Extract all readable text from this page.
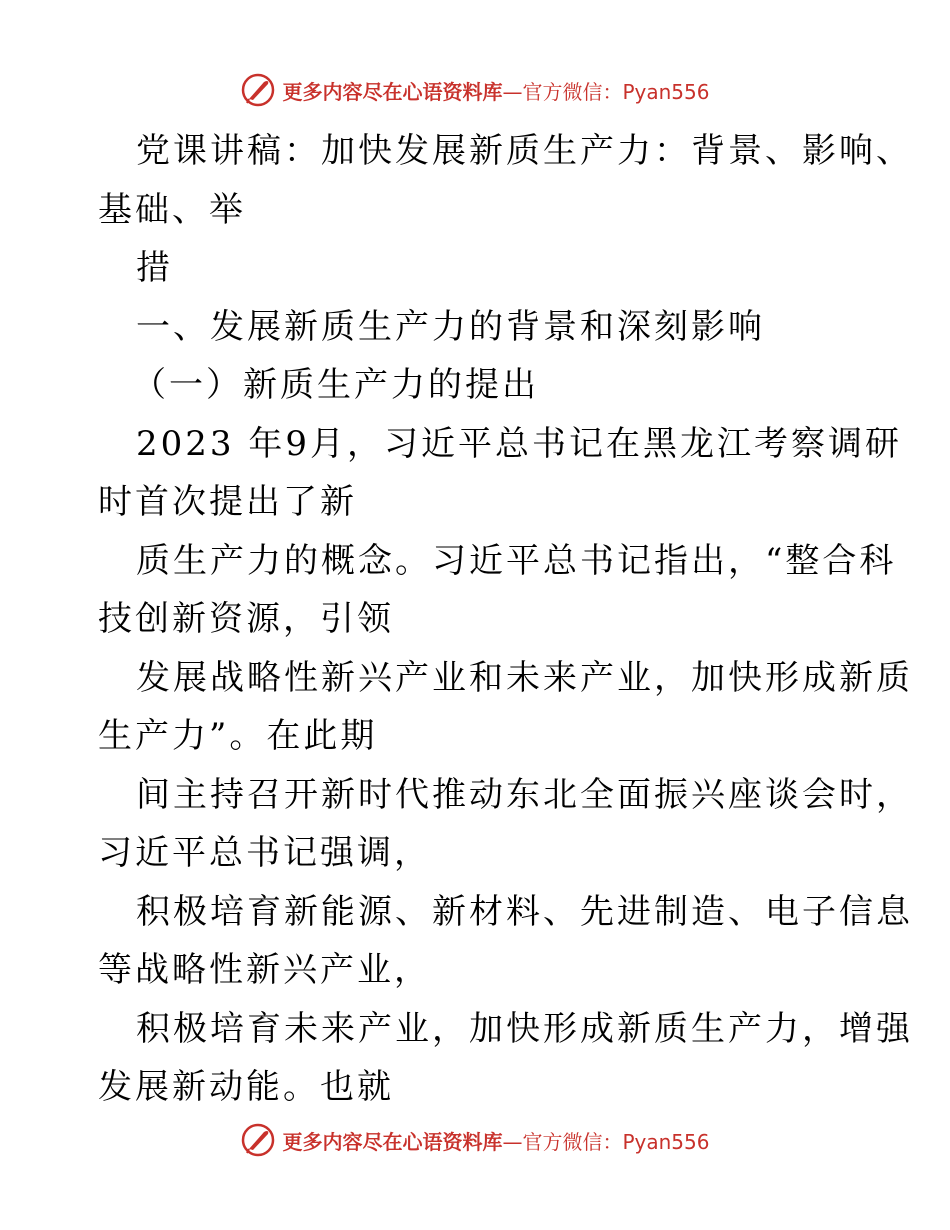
更多内容尽在心语资料库—官方微信：Pyan556
党课讲稿：加快发展新质生产力：背景、影响、
基础、举
措
一、发展新质生产力的背景和深刻影响
（一）新质生产力的提出
2023 年9月，习近平总书记在黑龙江考察调研
时首次提出了新
质生产力的概念。习近平总书记指出，“整合科
技创新资源，引领
发展战略性新兴产业和未来产业，加快形成新质
生产力”。在此期
间主持召开新时代推动东北全面振兴座谈会时，
习近平总书记强调，
积极培育新能源、新材料、先进制造、电子信息
等战略性新兴产业，
积极培育未来产业，加快形成新质生产力，增强
发展新动能。也就
更多内容尽在心语资料库—官方微信：Pyan556
